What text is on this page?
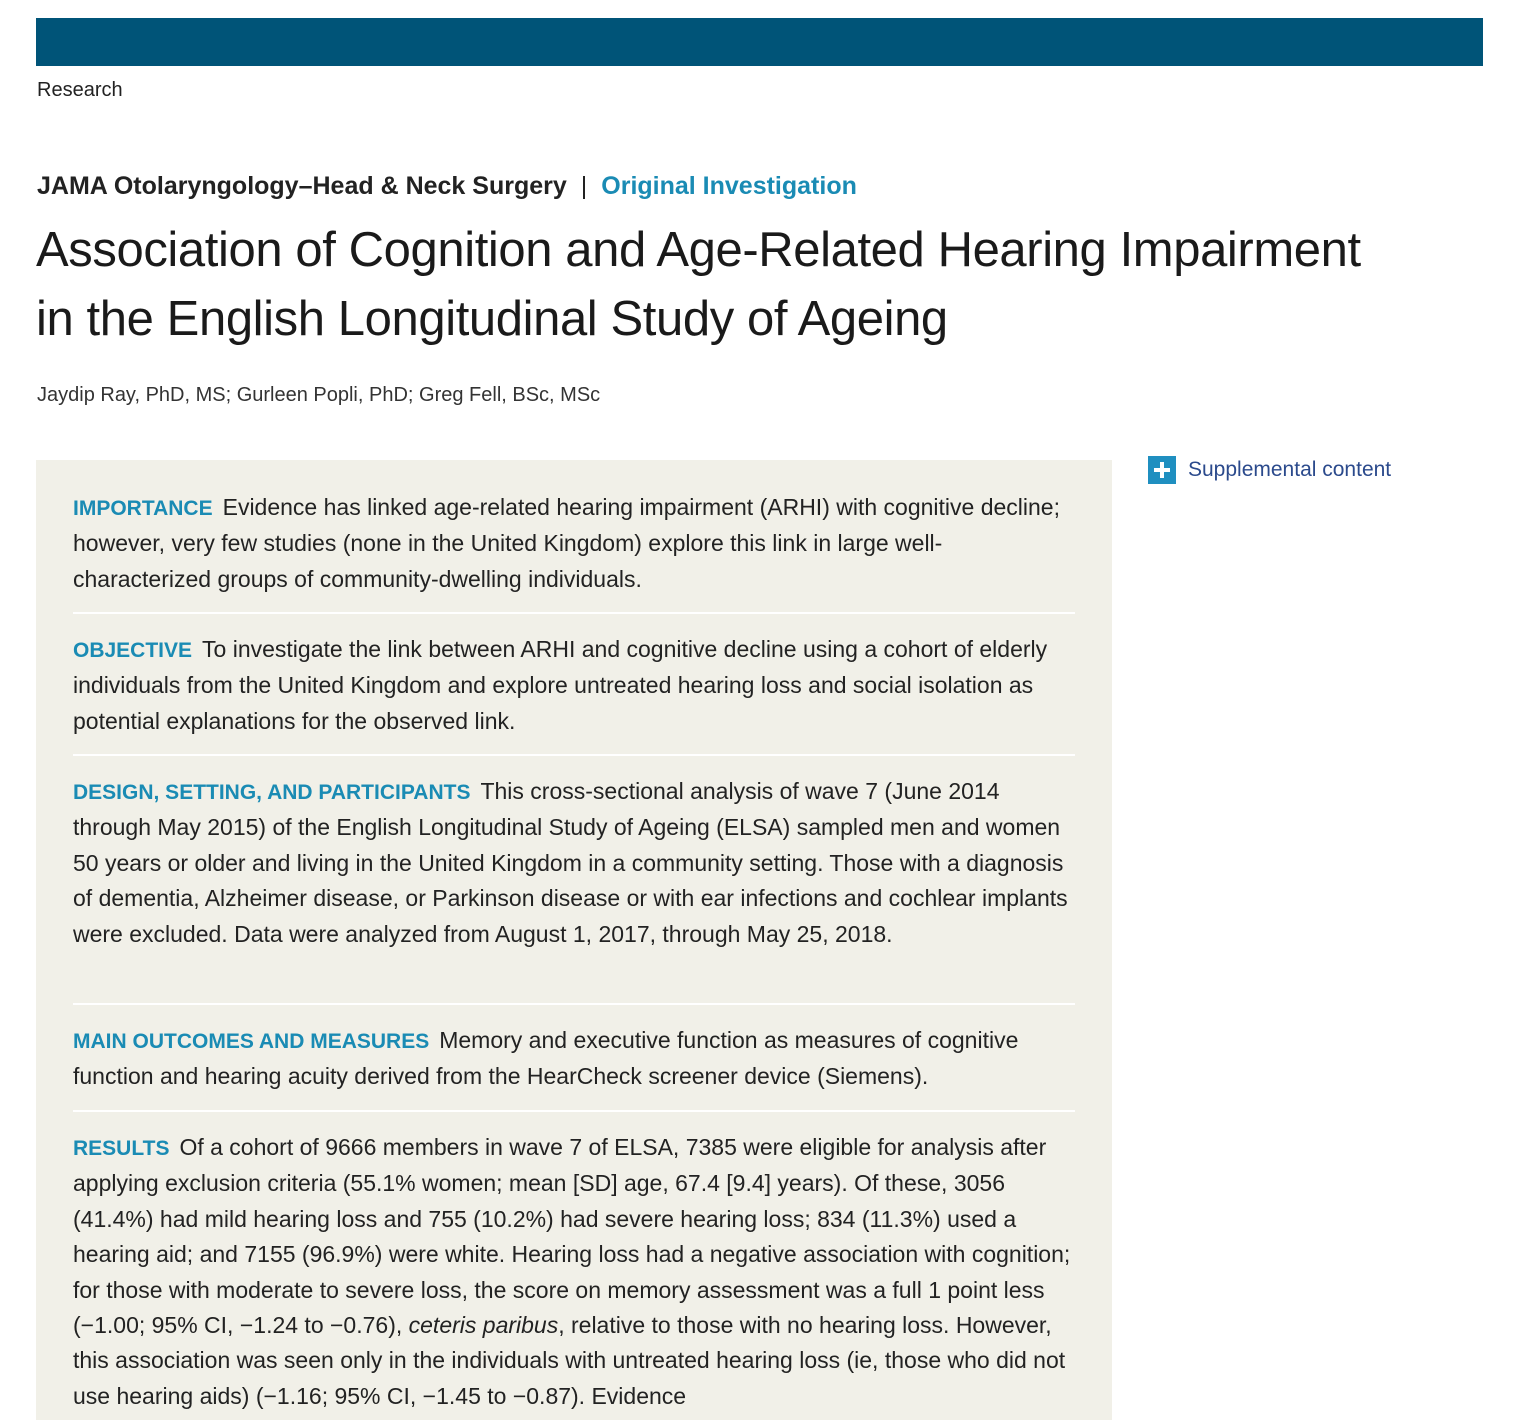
Research
JAMA Otolaryngology–Head & Neck Surgery | Original Investigation
Association of Cognition and Age-Related Hearing Impairment in the English Longitudinal Study of Ageing
Jaydip Ray, PhD, MS; Gurleen Popli, PhD; Greg Fell, BSc, MSc
Supplemental content

IMPORTANCE Evidence has linked age-related hearing impairment (ARHI) with cognitive decline; however, very few studies (none in the United Kingdom) explore this link in large well-characterized groups of community-dwelling individuals.

OBJECTIVE To investigate the link between ARHI and cognitive decline using a cohort of elderly individuals from the United Kingdom and explore untreated hearing loss and social isolation as potential explanations for the observed link.

DESIGN, SETTING, AND PARTICIPANTS This cross-sectional analysis of wave 7 (June 2014 through May 2015) of the English Longitudinal Study of Ageing (ELSA) sampled men and women 50 years or older and living in the United Kingdom in a community setting. Those with a diagnosis of dementia, Alzheimer disease, or Parkinson disease or with ear infections and cochlear implants were excluded. Data were analyzed from August 1, 2017, through May 25, 2018.

MAIN OUTCOMES AND MEASURES Memory and executive function as measures of cognitive function and hearing acuity derived from the HearCheck screener device (Siemens).

RESULTS Of a cohort of 9666 members in wave 7 of ELSA, 7385 were eligible for analysis after applying exclusion criteria (55.1% women; mean [SD] age, 67.4 [9.4] years). Of these, 3056 (41.4%) had mild hearing loss and 755 (10.2%) had severe hearing loss; 834 (11.3%) used a hearing aid; and 7155 (96.9%) were white. Hearing loss had a negative association with cognition; for those with moderate to severe loss, the score on memory assessment was a full 1 point less (−1.00; 95% CI, −1.24 to −0.76), ceteris paribus, relative to those with no hearing loss. However, this association was seen only in the individuals with untreated hearing loss (ie, those who did not use hearing aids) (−1.16; 95% CI, −1.45 to −0.87). Evidence
